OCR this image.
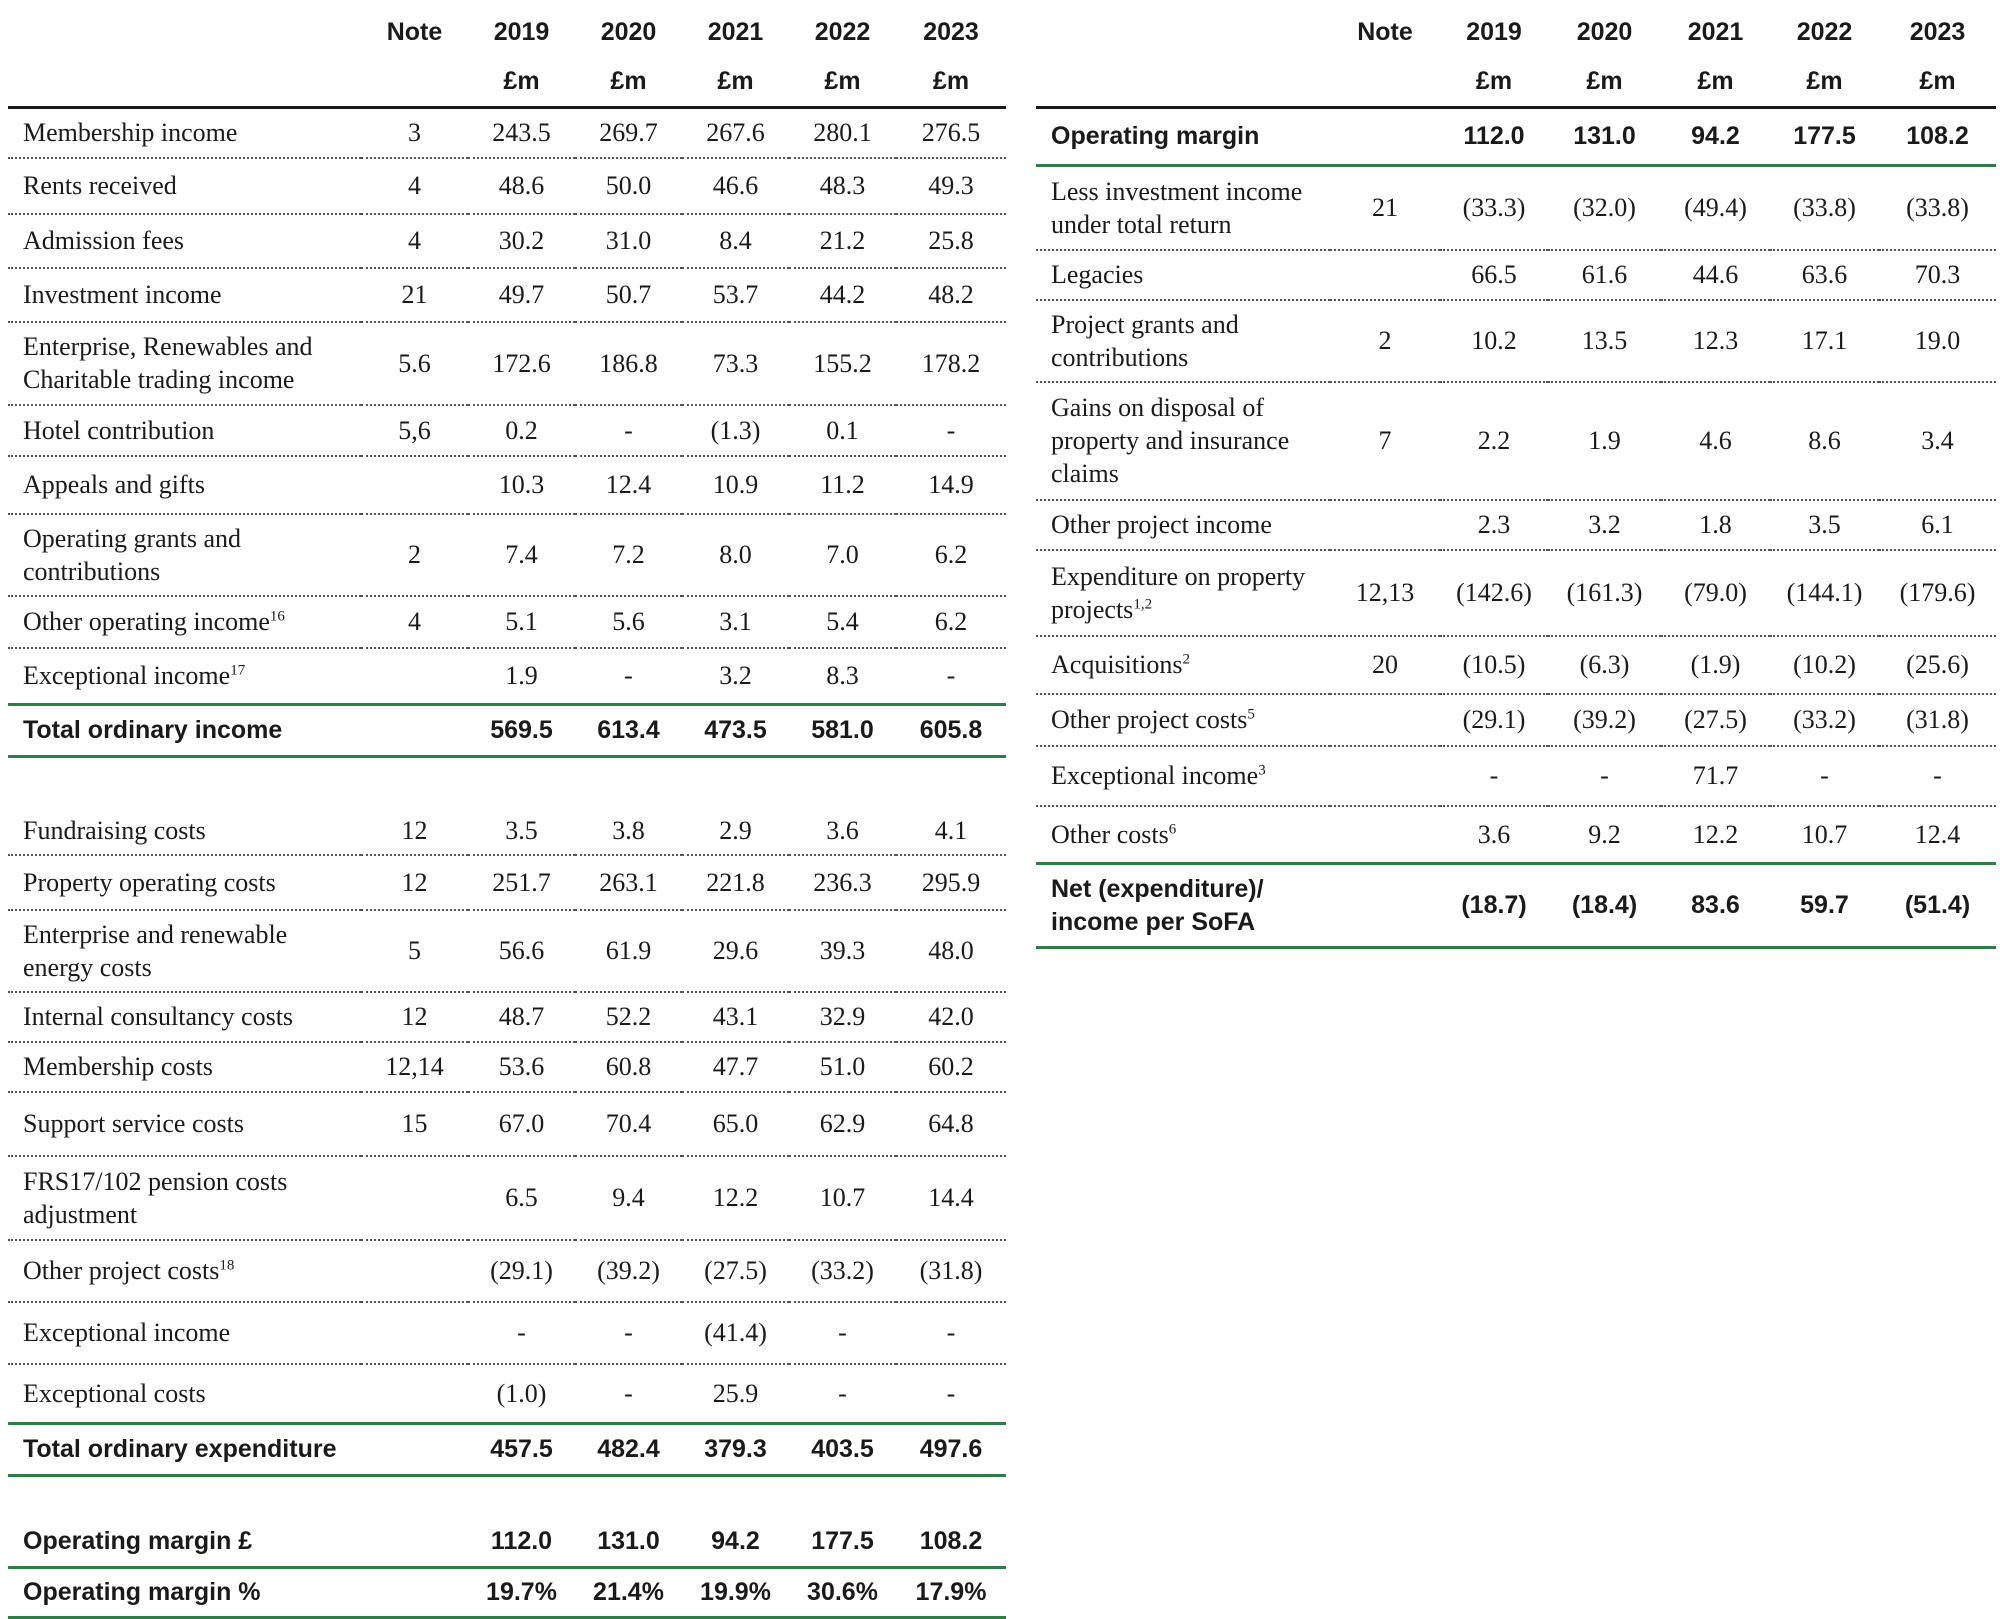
	Note	2019	2020	2021	2022	2023
		£m	£m	£m	£m	£m
Membership income	3	243.5	269.7	267.6	280.1	276.5
Rents received	4	48.6	50.0	46.6	48.3	49.3
Admission fees	4	30.2	31.0	8.4	21.2	25.8
Investment income	21	49.7	50.7	53.7	44.2	48.2
Enterprise, Renewables and Charitable trading income	5.6	172.6	186.8	73.3	155.2	178.2
Hotel contribution	5,6	0.2	-	(1.3)	0.1	-
Appeals and gifts		10.3	12.4	10.9	11.2	14.9
Operating grants and contributions	2	7.4	7.2	8.0	7.0	6.2
Other operating income$^{16}$	4	5.1	5.6	3.1	5.4	6.2
Exceptional income$^{17}$		1.9	-	3.2	8.3	-
Total ordinary income		569.5	613.4	473.5	581.0	605.8

Fundraising costs	12	3.5	3.8	2.9	3.6	4.1
Property operating costs	12	251.7	263.1	221.8	236.3	295.9
Enterprise and renewable energy costs	5	56.6	61.9	29.6	39.3	48.0
Internal consultancy costs	12	48.7	52.2	43.1	32.9	42.0
Membership costs	12,14	53.6	60.8	47.7	51.0	60.2
Support service costs	15	67.0	70.4	65.0	62.9	64.8
FRS17/102 pension costs adjustment		6.5	9.4	12.2	10.7	14.4
Other project costs$^{18}$		(29.1)	(39.2)	(27.5)	(33.2)	(31.8)
Exceptional income		-	-	(41.4)	-	-
Exceptional costs		(1.0)	-	25.9	-	-
Total ordinary expenditure		457.5	482.4	379.3	403.5	497.6

Operating margin £		112.0	131.0	94.2	177.5	108.2
Operating margin %		19.7%	21.4%	19.9%	30.6%	17.9%
	Note	2019	2020	2021	2022	2023
		£m	£m	£m	£m	£m
Operating margin		112.0	131.0	94.2	177.5	108.2
Less investment income under total return	21	(33.3)	(32.0)	(49.4)	(33.8)	(33.8)
Legacies		66.5	61.6	44.6	63.6	70.3
Project grants and contributions	2	10.2	13.5	12.3	17.1	19.0
Gains on disposal of property and insurance claims	7	2.2	1.9	4.6	8.6	3.4
Other project income		2.3	3.2	1.8	3.5	6.1
Expenditure on property projects$^{1,2}$	12,13	(142.6)	(161.3)	(79.0)	(144.1)	(179.6)
Acquisitions$^2$	20	(10.5)	(6.3)	(1.9)	(10.2)	(25.6)
Other project costs$^5$		(29.1)	(39.2)	(27.5)	(33.2)	(31.8)
Exceptional income$^3$		-	-	71.7	-	-
Other costs$^6$		3.6	9.2	12.2	10.7	12.4
Net (expenditure)/ income per SoFA		(18.7)	(18.4)	83.6	59.7	(51.4)
